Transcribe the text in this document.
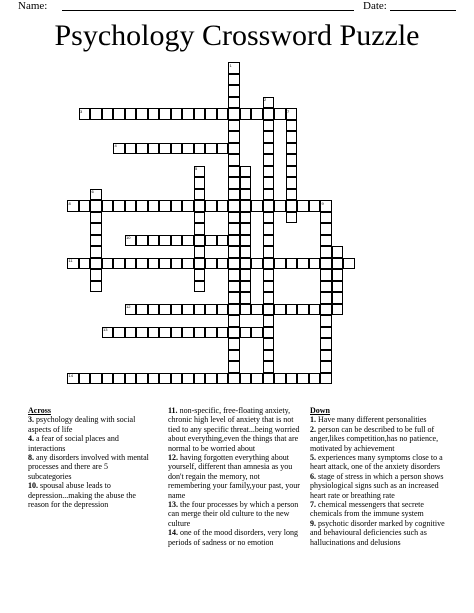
Name:	Date:
Psychology Crossword Puzzle
3	7
4
8	9
10
11
12
13
14
1
2
5
6
Across

3. psychology dealing with social aspects of life

4. a fear of social places and interactions

8. any disorders involved with mental processes and there are 5 subcategories

10. spousal abuse leads to depression...making the abuse the reason for the depression

11. non-specific, free-floating anxiety, chronic high level of anxiety that is not tied to any specific threat...being worried about everything,even the things that are normal to be worried about

12. having forgotten everything about yourself, different than amnesia as you don't regain the memory, not remembering your family,your past, your name

13. the four processes by which a person can merge their old culture to the new culture

14. one of the mood disorders, very long periods of sadness or no emotion

Down

1. Have many different personalities

2. person can be described to be full of anger,likes competition,has no patience, motivated by achievement

5. experiences many symptoms close to a heart attack, one of the anxiety disorders

6. stage of stress in which a person shows physiological signs such as an increased heart rate or breathing rate

7. chemical messengers that secrete chemicals from the immune system

9. psychotic disorder marked by cognitive and behavioural deficiencies such as hallucinations and delusions
